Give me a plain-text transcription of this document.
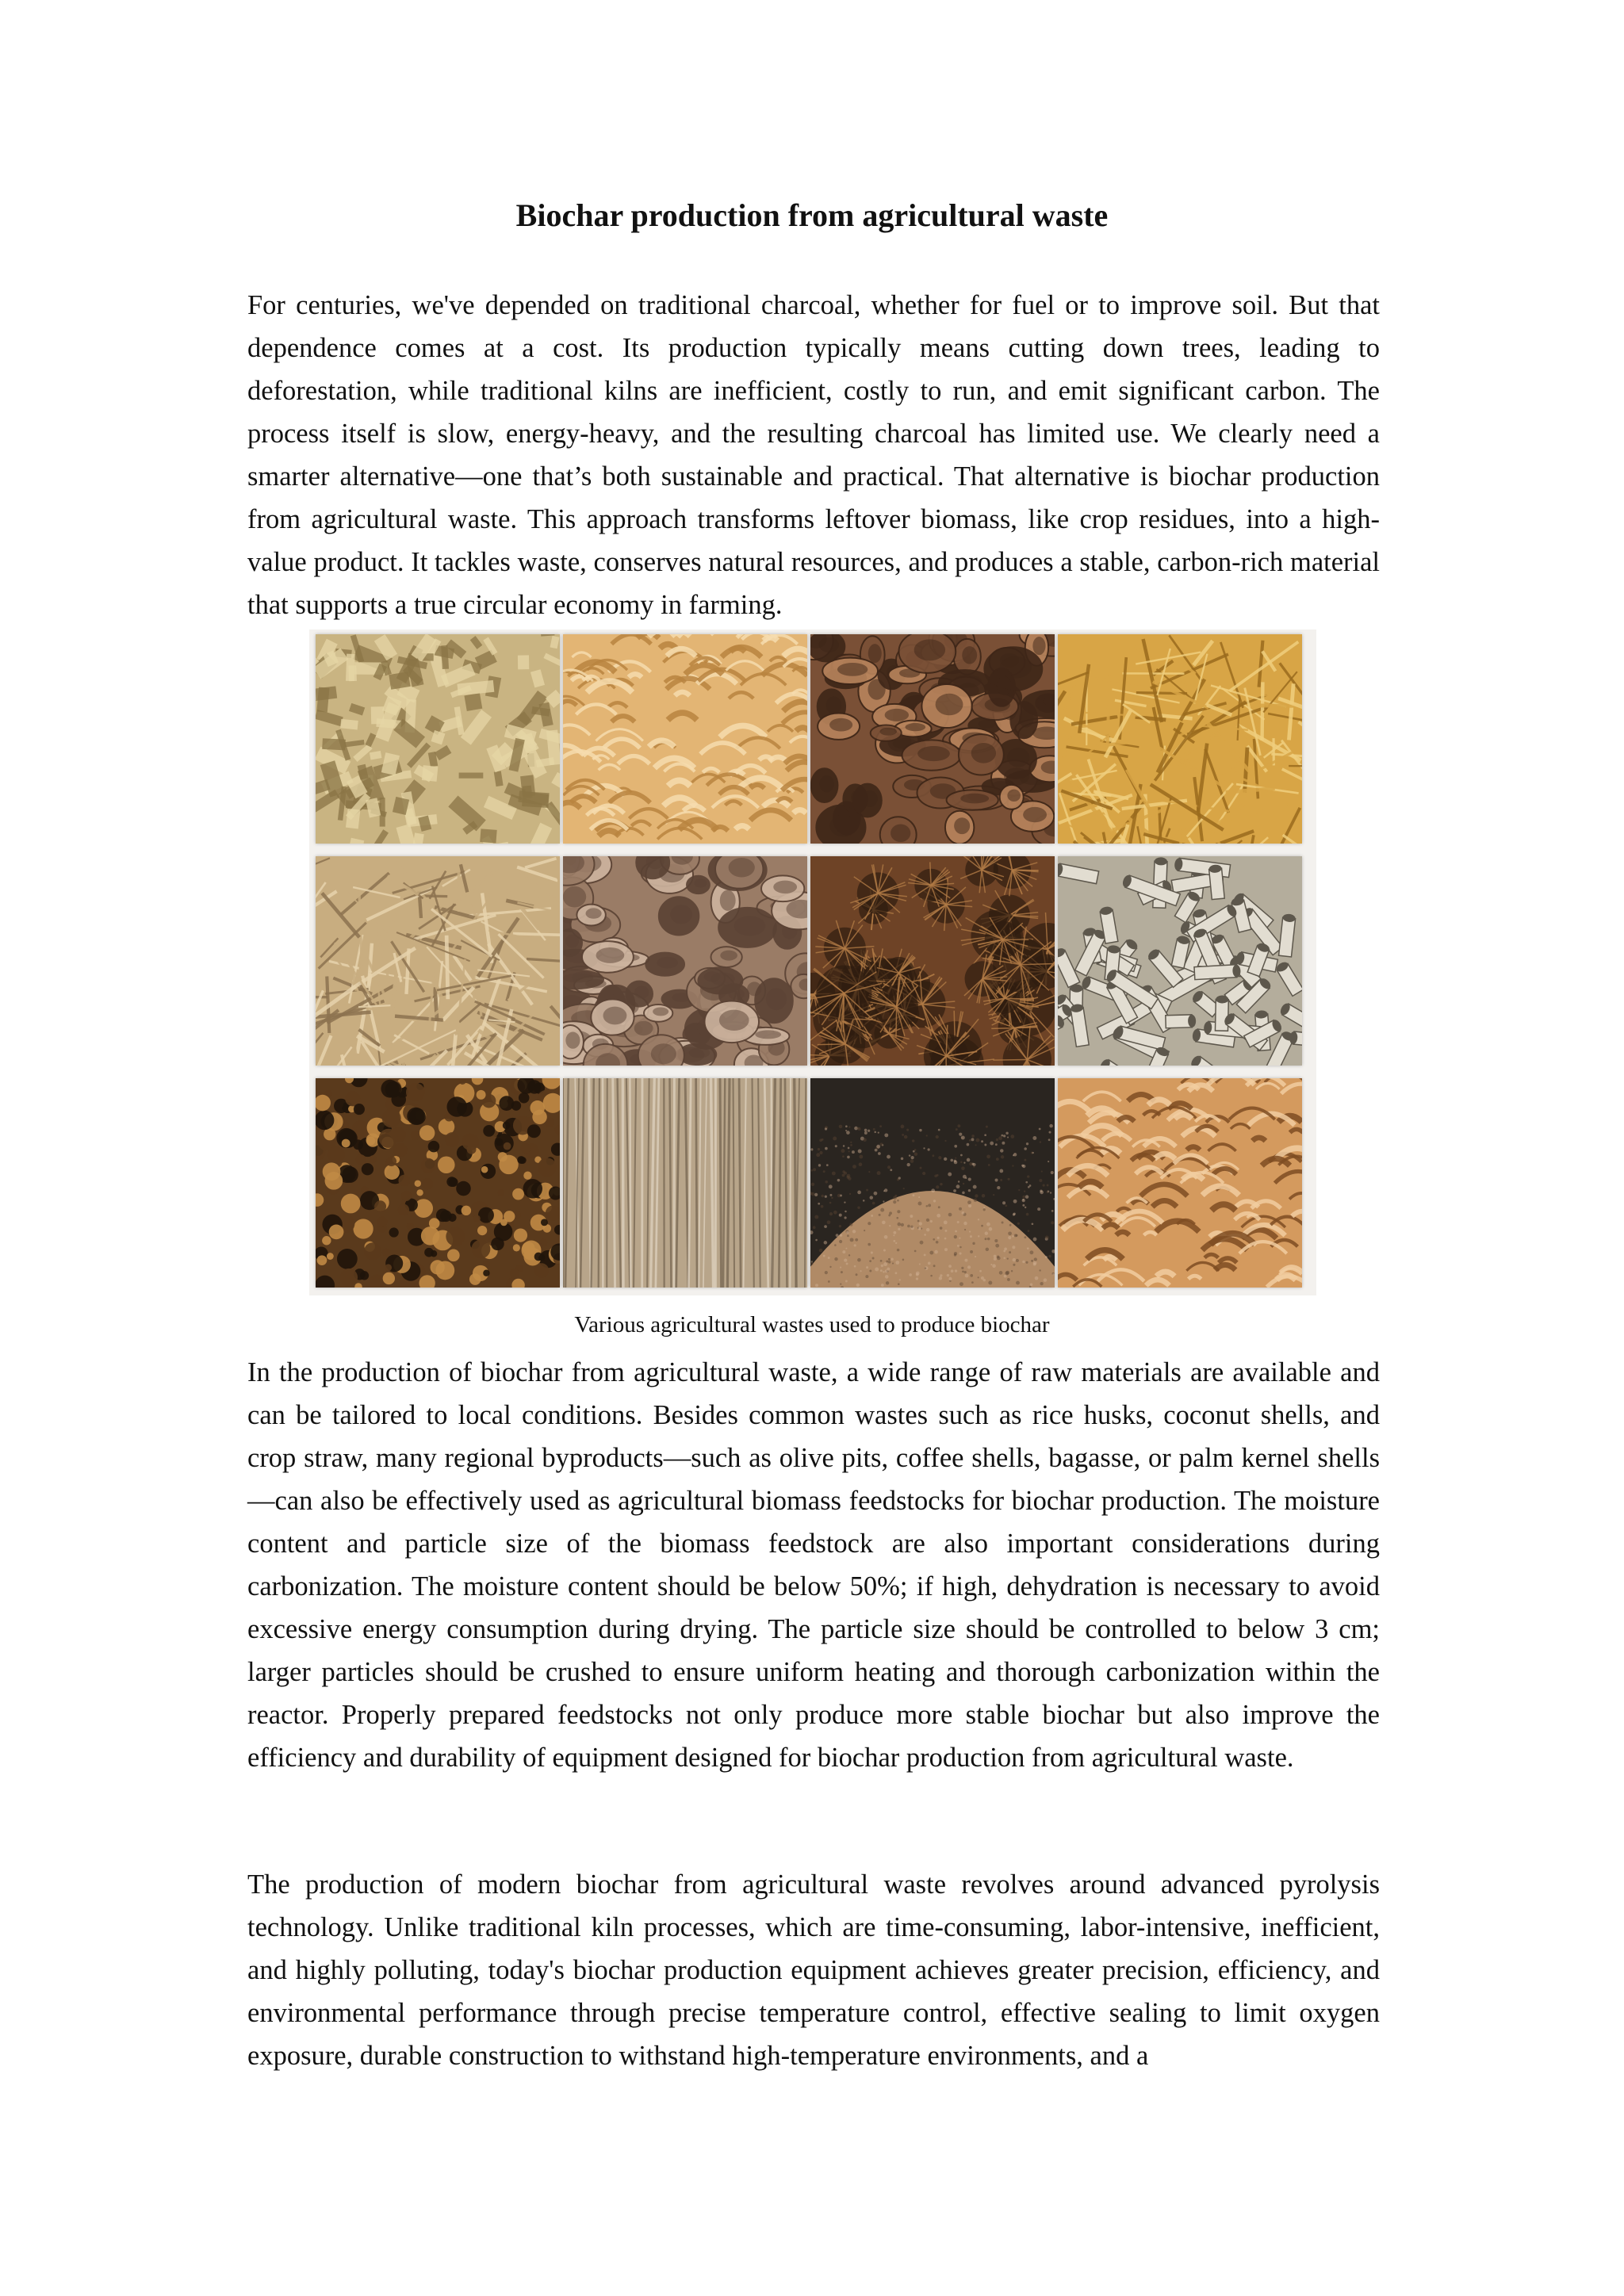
Biochar production from agricultural waste

For centuries, we've depended on traditional charcoal, whether for fuel or to improve soil. But that dependence comes at a cost. Its production typically means cutting down trees, leading to deforestation, while traditional kilns are inefficient, costly to run, and emit significant carbon. The process itself is slow, energy-heavy, and the resulting charcoal has limited use. We clearly need a smarter alternative—one that’s both sustainable and practical. That alternative is biochar production from agricultural waste. This approach transforms leftover biomass, like crop residues, into a high-value product. It tackles waste, conserves natural resources, and produces a stable, carbon-rich material that supports a true circular economy in farming.

Various agricultural wastes used to produce biochar

In the production of biochar from agricultural waste, a wide range of raw materials are available and can be tailored to local conditions. Besides common wastes such as rice husks, coconut shells, and crop straw, many regional byproducts—such as olive pits, coffee shells, bagasse, or palm kernel shells—can also be effectively used as agricultural biomass feedstocks for biochar production. The moisture content and particle size of the biomass feedstock are also important considerations during carbonization. The moisture content should be below 50%; if high, dehydration is necessary to avoid excessive energy consumption during drying. The particle size should be controlled to below 3 cm; larger particles should be crushed to ensure uniform heating and thorough carbonization within the reactor. Properly prepared feedstocks not only produce more stable biochar but also improve the efficiency and durability of equipment designed for biochar production from agricultural waste.

The production of modern biochar from agricultural waste revolves around advanced pyrolysis technology. Unlike traditional kiln processes, which are time-consuming, labor-intensive, inefficient, and highly polluting, today's biochar production equipment achieves greater precision, efficiency, and environmental performance through precise temperature control, effective sealing to limit oxygen exposure, durable construction to withstand high-temperature environments, and a
